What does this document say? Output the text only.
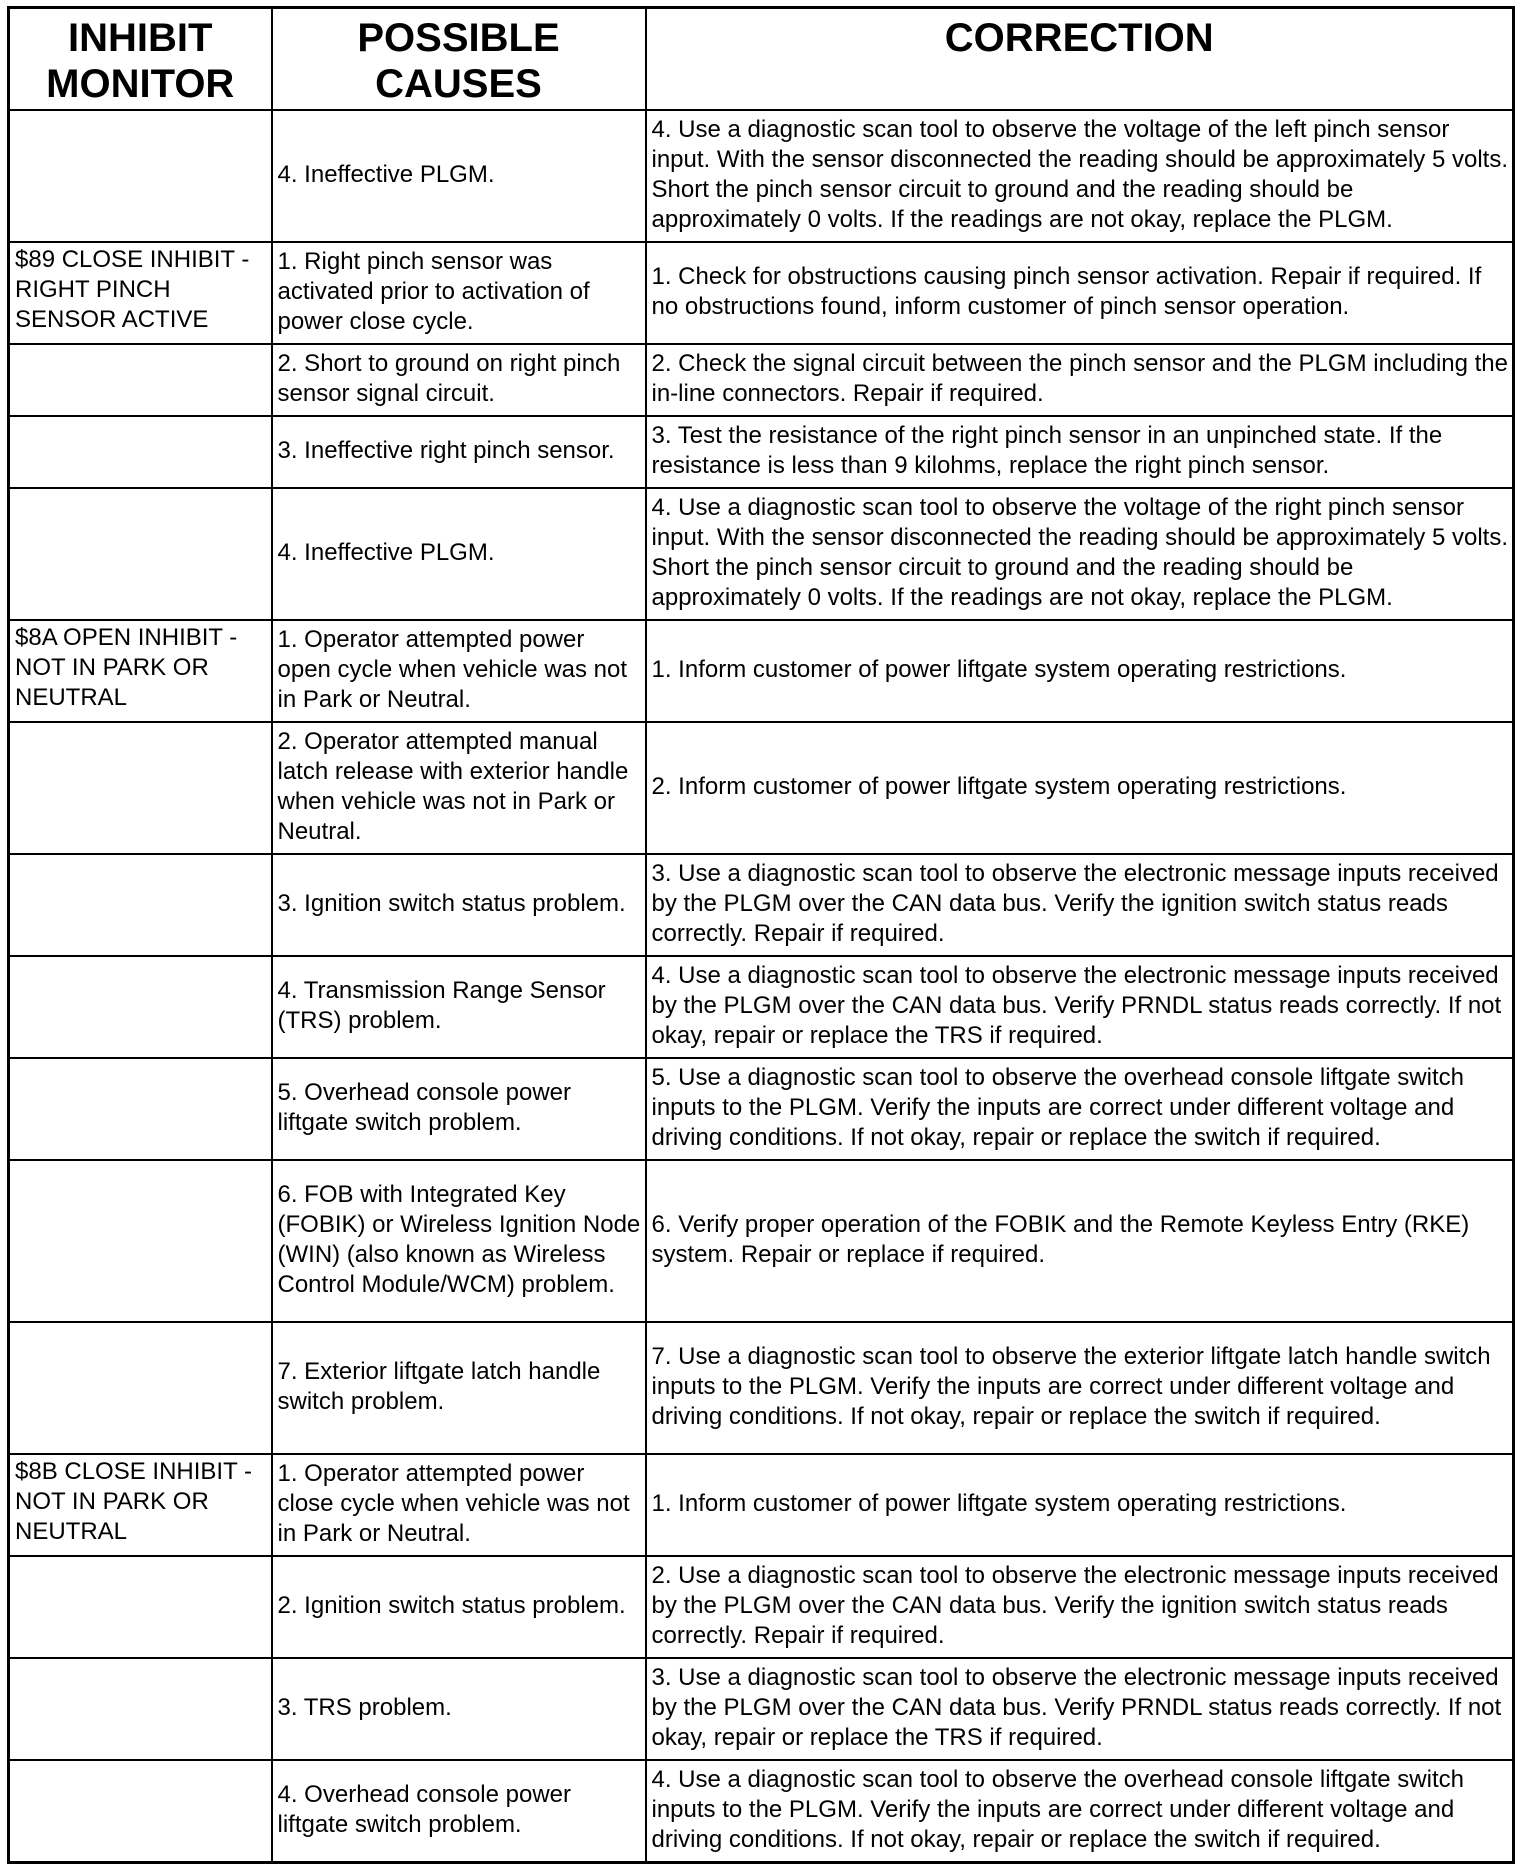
INHIBIT MONITOR	POSSIBLE CAUSES	CORRECTION
	4. Ineffective PLGM.	4. Use a diagnostic scan tool to observe the voltage of the left pinch sensor input. With the sensor disconnected the reading should be approximately 5 volts. Short the pinch sensor circuit to ground and the reading should be approximately 0 volts. If the readings are not okay, replace the PLGM.
$89 CLOSE INHIBIT - RIGHT PINCH SENSOR ACTIVE	1. Right pinch sensor was activated prior to activation of power close cycle.	1. Check for obstructions causing pinch sensor activation. Repair if required. If no obstructions found, inform customer of pinch sensor operation.
	2. Short to ground on right pinch sensor signal circuit.	2. Check the signal circuit between the pinch sensor and the PLGM including the in-line connectors. Repair if required.
	3. Ineffective right pinch sensor.	3. Test the resistance of the right pinch sensor in an unpinched state. If the resistance is less than 9 kilohms, replace the right pinch sensor.
	4. Ineffective PLGM.	4. Use a diagnostic scan tool to observe the voltage of the right pinch sensor input. With the sensor disconnected the reading should be approximately 5 volts. Short the pinch sensor circuit to ground and the reading should be approximately 0 volts. If the readings are not okay, replace the PLGM.
$8A OPEN INHIBIT - NOT IN PARK OR NEUTRAL	1. Operator attempted power open cycle when vehicle was not in Park or Neutral.	1. Inform customer of power liftgate system operating restrictions.
	2. Operator attempted manual latch release with exterior handle when vehicle was not in Park or Neutral.	2. Inform customer of power liftgate system operating restrictions.
	3. Ignition switch status problem.	3. Use a diagnostic scan tool to observe the electronic message inputs received by the PLGM over the CAN data bus. Verify the ignition switch status reads correctly. Repair if required.
	4. Transmission Range Sensor (TRS) problem.	4. Use a diagnostic scan tool to observe the electronic message inputs received by the PLGM over the CAN data bus. Verify PRNDL status reads correctly. If not okay, repair or replace the TRS if required.
	5. Overhead console power liftgate switch problem.	5. Use a diagnostic scan tool to observe the overhead console liftgate switch inputs to the PLGM. Verify the inputs are correct under different voltage and driving conditions. If not okay, repair or replace the switch if required.
	6. FOB with Integrated Key (FOBIK) or Wireless Ignition Node (WIN) (also known as Wireless Control Module/WCM) problem.	6. Verify proper operation of the FOBIK and the Remote Keyless Entry (RKE) system. Repair or replace if required.
	7. Exterior liftgate latch handle switch problem.	7. Use a diagnostic scan tool to observe the exterior liftgate latch handle switch inputs to the PLGM. Verify the inputs are correct under different voltage and driving conditions. If not okay, repair or replace the switch if required.
$8B CLOSE INHIBIT - NOT IN PARK OR NEUTRAL	1. Operator attempted power close cycle when vehicle was not in Park or Neutral.	1. Inform customer of power liftgate system operating restrictions.
	2. Ignition switch status problem.	2. Use a diagnostic scan tool to observe the electronic message inputs received by the PLGM over the CAN data bus. Verify the ignition switch status reads correctly. Repair if required.
	3. TRS problem.	3. Use a diagnostic scan tool to observe the electronic message inputs received by the PLGM over the CAN data bus. Verify PRNDL status reads correctly. If not okay, repair or replace the TRS if required.
	4. Overhead console power liftgate switch problem.	4. Use a diagnostic scan tool to observe the overhead console liftgate switch inputs to the PLGM. Verify the inputs are correct under different voltage and driving conditions. If not okay, repair or replace the switch if required.
